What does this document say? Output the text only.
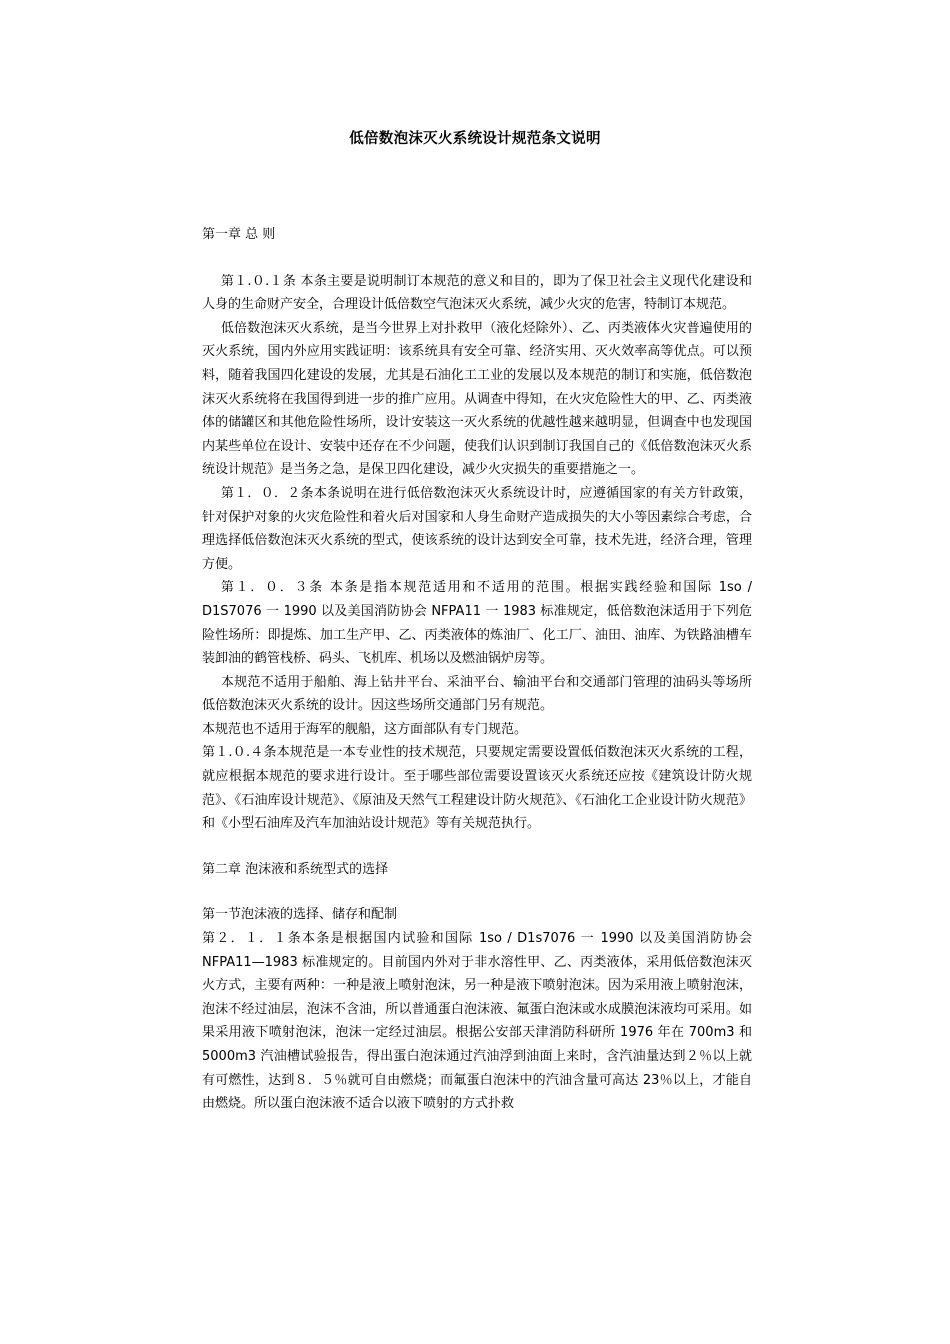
低倍数泡沫灭火系统设计规范条文说明

第一章 总 则

第１.０.１条 本条主要是说明制订本规范的意义和目的，即为了保卫社会主义现代化建设和人身的生命财产安全，合理设计低倍数空气泡沫灭火系统，减少火灾的危害，特制订本规范。

低倍数泡沫灭火系统，是当今世界上对扑救甲（液化烃除外）、乙、丙类液体火灾普遍使用的灭火系统，国内外应用实践证明：该系统具有安全可靠、经济实用、灭火效率高等优点。可以预料，随着我国四化建设的发展，尤其是石油化工工业的发展以及本规范的制订和实施，低倍数泡沫灭火系统将在我国得到进一步的推广应用。从调查中得知，在火灾危险性大的甲、乙、丙类液体的储罐区和其他危险性场所，设计安装这一灭火系统的优越性越来越明显，但调查中也发现国内某些单位在设计、安装中还存在不少问题，使我们认识到制订我国自己的《低倍数泡沫灭火系统设计规范》是当务之急，是保卫四化建设，减少火灾损失的重要措施之一。

第１．０．２条本条说明在进行低倍数泡沫灭火系统设计时，应遵循国家的有关方针政策，针对保护对象的火灾危险性和着火后对国家和人身生命财产造成损失的大小等因素综合考虑，合理选择低倍数泡沫灭火系统的型式，使该系统的设计达到安全可靠，技术先进，经济合理，管理方便。

第１．０．３条 本条是指本规范适用和不适用的范围。根据实践经验和国际 1so / D1S7076 一 1990 以及美国消防协会 NFPA11 一 1983 标准规定，低倍数泡沫适用于下列危险性场所：即提炼、加工生产甲、乙、丙类液体的炼油厂、化工厂、油田、油库、为铁路油槽车装卸油的鹤管栈桥、码头、飞机库、机场以及燃油锅炉房等。

本规范不适用于船舶、海上钻井平台、采油平台、输油平台和交通部门管理的油码头等场所低倍数泡沫灭火系统的设计。因这些场所交通部门另有规范。

本规范也不适用于海军的舰船，这方面部队有专门规范。

第１.０.４条本规范是一本专业性的技术规范，只要规定需要设置低佰数泡沫灭火系统的工程，就应根据本规范的要求进行设计。至于哪些部位需要设置该灭火系统还应按《建筑设计防火规范》、《石油库设计规范》、《原油及天然气工程建设计防火规范》、《石油化工企业设计防火规范》和《小型石油库及汽车加油站设计规范》等有关规范执行。

第二章 泡沫液和系统型式的选择

第一节泡沫液的选择、储存和配制

第２．１．１条本条是根据国内试验和国际 1so / D1s7076 一 1990 以及美国消防协会 NFPA11—1983 标准规定的。目前国内外对于非水溶性甲、乙、丙类液体，采用低倍数泡沫灭火方式，主要有两种：一种是液上喷射泡沫，另一种是液下喷射泡沫。因为采用液上喷射泡沫，泡沫不经过油层，泡沫不含油，所以普通蛋白泡沫液、氟蛋白泡沫或水成膜泡沫液均可采用。如果采用液下喷射泡沫，泡沫一定经过油层。根据公安部天津消防科研所 1976 年在 700m3 和 5000m3 汽油槽试验报告，得出蛋白泡沫通过汽油浮到油面上来时，含汽油量达到２％以上就有可燃性，达到８．５％就可自由燃烧；而氟蛋白泡沫中的汽油含量可高达 23％以上，才能自由燃烧。所以蛋白泡沫液不适合以液下喷射的方式扑救
